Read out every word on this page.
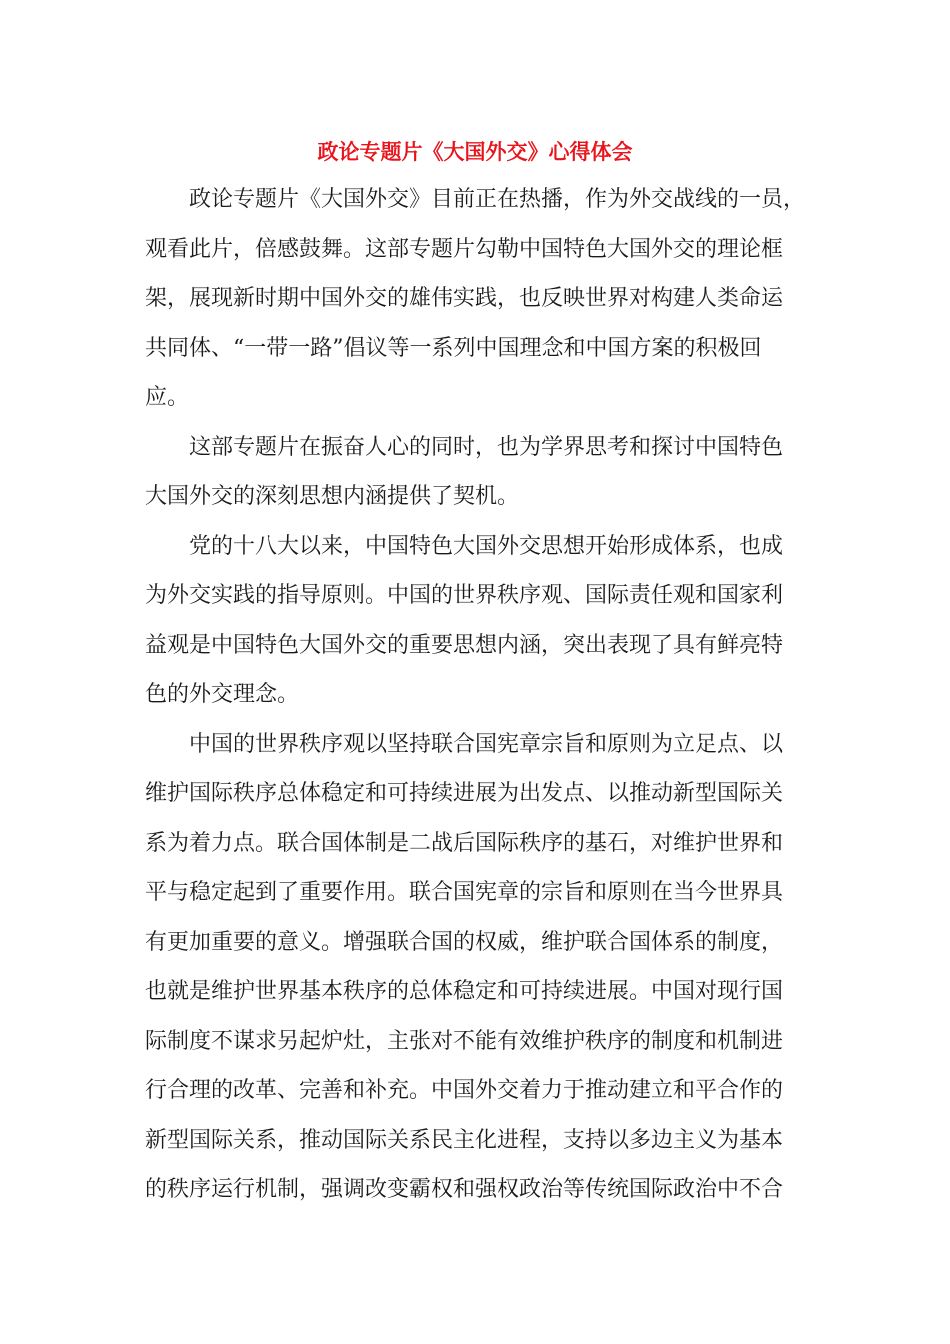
政论专题片《大国外交》心得体会
政论专题片《大国外交》目前正在热播，作为外交战线的一员，
观看此片，倍感鼓舞。这部专题片勾勒中国特色大国外交的理论框
架，展现新时期中国外交的雄伟实践，也反映世界对构建人类命运
共同体、“一带一路”倡议等一系列中国理念和中国方案的积极回
应。
这部专题片在振奋人心的同时，也为学界思考和探讨中国特色
大国外交的深刻思想内涵提供了契机。
党的十八大以来，中国特色大国外交思想开始形成体系，也成
为外交实践的指导原则。中国的世界秩序观、国际责任观和国家利
益观是中国特色大国外交的重要思想内涵，突出表现了具有鲜亮特
色的外交理念。
中国的世界秩序观以坚持联合国宪章宗旨和原则为立足点、以
维护国际秩序总体稳定和可持续进展为出发点、以推动新型国际关
系为着力点。联合国体制是二战后国际秩序的基石，对维护世界和
平与稳定起到了重要作用。联合国宪章的宗旨和原则在当今世界具
有更加重要的意义。增强联合国的权威，维护联合国体系的制度，
也就是维护世界基本秩序的总体稳定和可持续进展。中国对现行国
际制度不谋求另起炉灶，主张对不能有效维护秩序的制度和机制进
行合理的改革、完善和补充。中国外交着力于推动建立和平合作的
新型国际关系，推动国际关系民主化进程，支持以多边主义为基本
的秩序运行机制，强调改变霸权和强权政治等传统国际政治中不合
